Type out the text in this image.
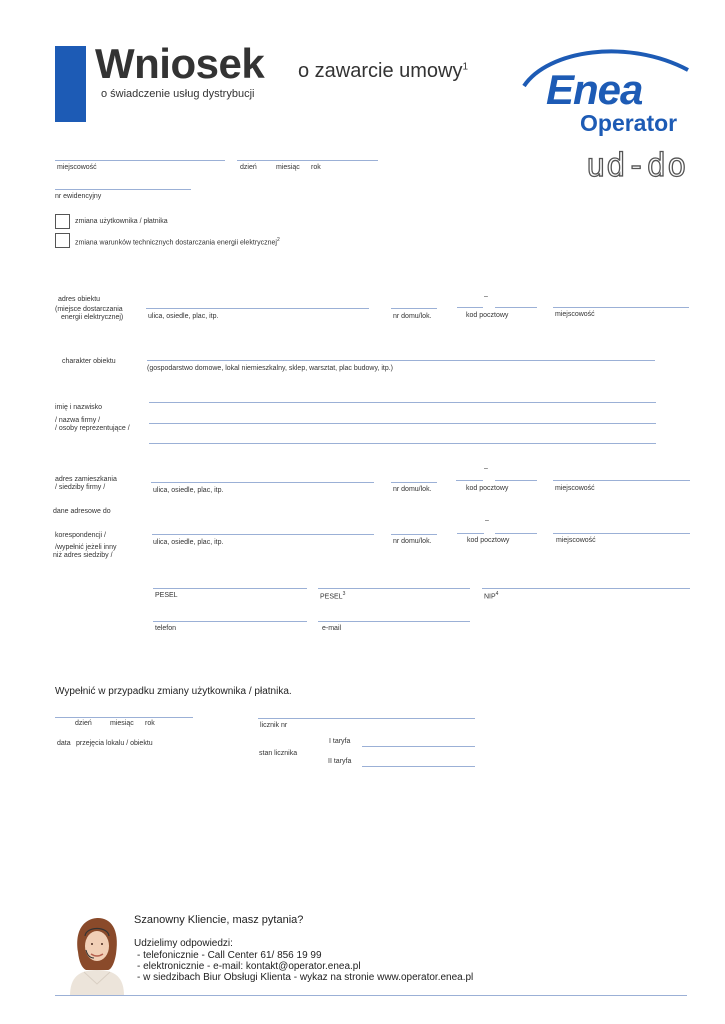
Wniosek o zawarcie umowy$^1$
o świadczenie usług dystrybucji	Enea
Operator
ud-do
miejscowość	dzień	miesiąc rok
nr ewidencyjny
zmiana użytkownika / płatnika
zmiana warunków technicznych dostarczania energii elektrycznej$^2$
adres obiektu
(miejsce dostarczania
energii elektrycznej)	ulica, osiedle, plac, itp.	nr domu/lok.
–
kod pocztowy	miejscowość
charakter obiektu
(gospodarstwo domowe, lokal niemieszkalny, sklep, warsztat, plac budowy, itp.)
imię i nazwisko
/ nazwa firmy /
/ osoby reprezentujące /
adres zamieszkania
/ siedziby firmy /	ulica, osiedle, plac, itp.	nr domu/lok.
–
kod pocztowy	miejscowość
dane adresowe do
korespondencji /
/wypełnić jeżeli inny
niż adres siedziby /
ulica, osiedle, plac, itp.	nr domu/lok.
–
kod pocztowy	miejscowość
PESEL	PESEL$^3$	NIP$^4$
telefon	e-mail
Wypełnić w przypadku zmiany użytkownika / płatnika.
dzień	miesiąc rok
data przejęcia lokalu / obiektu
licznik nr
stan licznika
I taryfa
II taryfa
Szanowny Kliencie, masz pytania?
Udzielimy odpowiedzi:
- telefonicznie - Call Center 61/ 856 19 99
- elektronicznie - e-mail: kontakt@operator.enea.pl
- w siedzibach Biur Obsługi Klienta - wykaz na stronie www.operator.enea.pl
